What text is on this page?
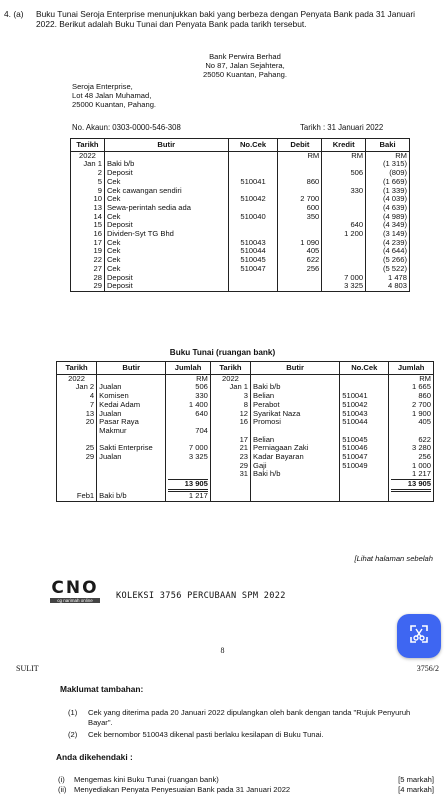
4. (a) Buku Tunai Seroja Enterprise menunjukkan baki yang berbeza dengan Penyata Bank pada 31 Januari 2022. Berikut adalah Buku Tunai dan Penyata Bank pada tarikh tersebut.
Bank Perwira Berhad
No 87, Jalan Sejahtera,
25050 Kuantan, Pahang.
Seroja Enterprise,
Lot 48 Jalan Muhamad,
25000 Kuantan, Pahang.
No. Akaun: 0303-0000-546-308	Tarikh : 31 Januari 2022
Tarikh	Butir	No.Cek	Debit	Kredit	Baki
2022			RM	RM	RM
Jan 1	Baki b/b				(1 315)
2	Deposit			506	(809)
5	Cek	510041	860		(1 669)
9	Cek cawangan sendiri			330	(1 339)
10	Cek	510042	2 700		(4 039)
13	Sewa-perintah sedia ada		600		(4 639)
14	Cek	510040	350		(4 989)
15	Deposit			640	(4 349)
16	Dividen-Syt TG Bhd			1 200	(3 149)
17	Cek	510043	1 090		(4 239)
19	Cek	510044	405		(4 644)
22	Cek	510045	622		(5 266)
27	Cek	510047	256		(5 522)
28	Deposit			7 000	1 478
29	Deposit			3 325	4 803
Buku Tunai (ruangan bank)
Tarikh	Butir	Jumlah	Tarikh	Butir	No.Cek	Jumlah
2022		RM	2022			RM
Jan 2	Jualan	506	Jan 1	Baki b/b		1 665
4	Komisen	330	3	Belian	510041	860
7	Kedai Adam	1 400	8	Perabot	510042	2 700
13	Jualan	640	12	Syarikat Naza	510043	1 900
20	Pasar Raya Makmur	704	16	Promosi	510044	405
			17	Belian	510045	622
25	Sakti Enterprise	7 000	21	Perniagaan Zaki	510046	3 280
29	Jualan	3 325	23	Kadar Bayaran	510047	256
			29	Gaji	510049	1 000
			31	Baki h/b		1 217

		13 905				13 905

Feb1	Baki b/b	1 217				
[Lihat halaman sebelah
CNO
cg narimah online	KOLEKSI 3756 PERCUBAAN SPM 2022
8
SULIT	3756/2
Maklumat tambahan:
(1) Cek yang diterima pada 20 Januari 2022 dipulangkan oleh bank dengan tanda "Rujuk Penyuruh Bayar".
(2) Cek bernombor 510043 dikenal pasti berlaku kesilapan di Buku Tunai.
Anda dikehendaki :
(i) Mengemas kini Buku Tunai (ruangan bank)	[5 markah]
(ii) Menyediakan Penyata Penyesuaian Bank pada 31 Januari 2022	[4 markah]
